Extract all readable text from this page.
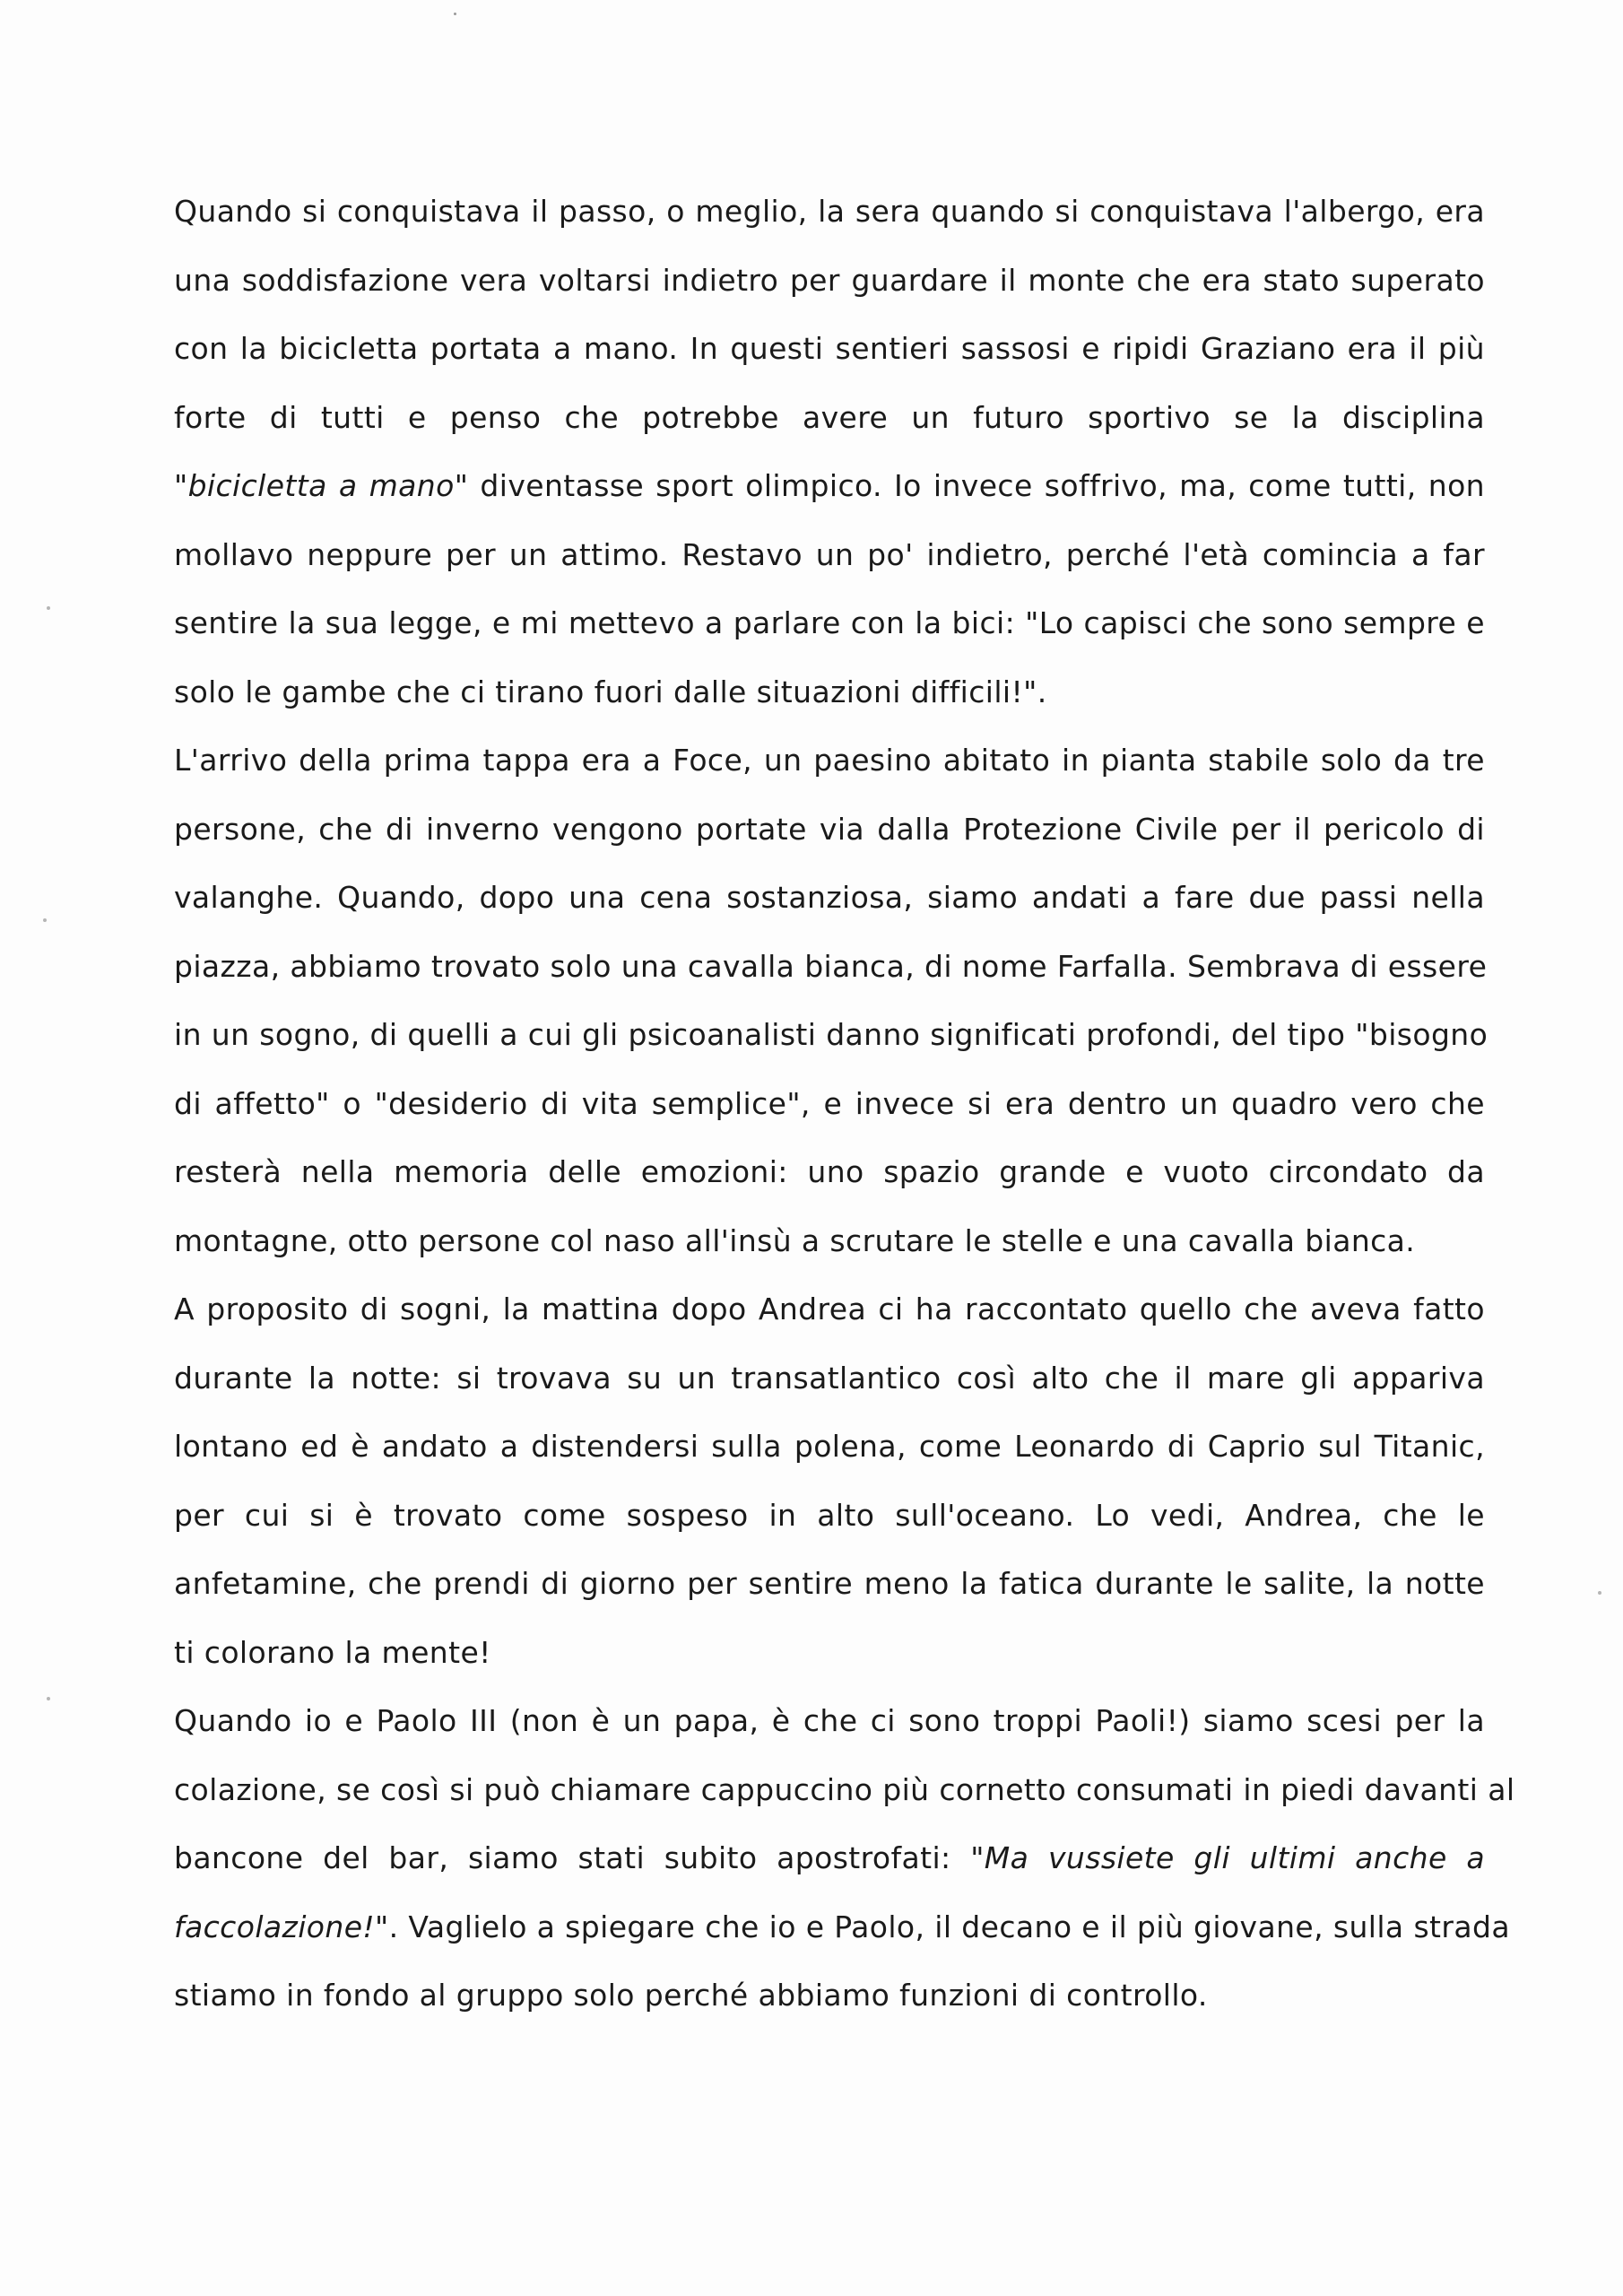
Quando si conquistava il passo, o meglio, la sera quando si conquistava l'albergo, era
una soddisfazione vera voltarsi indietro per guardare il monte che era stato superato
con la bicicletta portata a mano. In questi sentieri sassosi e ripidi Graziano era il più
forte di tutti e penso che potrebbe avere un futuro sportivo se la disciplina
"bicicletta a mano" diventasse sport olimpico. Io invece soffrivo, ma, come tutti, non
mollavo neppure per un attimo. Restavo un po' indietro, perché l'età comincia a far
sentire la sua legge, e mi mettevo a parlare con la bici: "Lo capisci che sono sempre e
solo le gambe che ci tirano fuori dalle situazioni difficili!".
L'arrivo della prima tappa era a Foce, un paesino abitato in pianta stabile solo da tre
persone, che di inverno vengono portate via dalla Protezione Civile per il pericolo di
valanghe. Quando, dopo una cena sostanziosa, siamo andati a fare due passi nella
piazza, abbiamo trovato solo una cavalla bianca, di nome Farfalla. Sembrava di essere
in un sogno, di quelli a cui gli psicoanalisti danno significati profondi, del tipo "bisogno
di affetto" o "desiderio di vita semplice", e invece si era dentro un quadro vero che
resterà nella memoria delle emozioni: uno spazio grande e vuoto circondato da
montagne, otto persone col naso all'insù a scrutare le stelle e una cavalla bianca.
A proposito di sogni, la mattina dopo Andrea ci ha raccontato quello che aveva fatto
durante la notte: si trovava su un transatlantico così alto che il mare gli appariva
lontano ed è andato a distendersi sulla polena, come Leonardo di Caprio sul Titanic,
per cui si è trovato come sospeso in alto sull'oceano. Lo vedi, Andrea, che le
anfetamine, che prendi di giorno per sentire meno la fatica durante le salite, la notte
ti colorano la mente!
Quando io e Paolo III (non è un papa, è che ci sono troppi Paoli!) siamo scesi per la
colazione, se così si può chiamare cappuccino più cornetto consumati in piedi davanti al
bancone del bar, siamo stati subito apostrofati: "Ma vussiete gli ultimi anche a
faccolazione!". Vaglielo a spiegare che io e Paolo, il decano e il più giovane, sulla strada
stiamo in fondo al gruppo solo perché abbiamo funzioni di controllo.
